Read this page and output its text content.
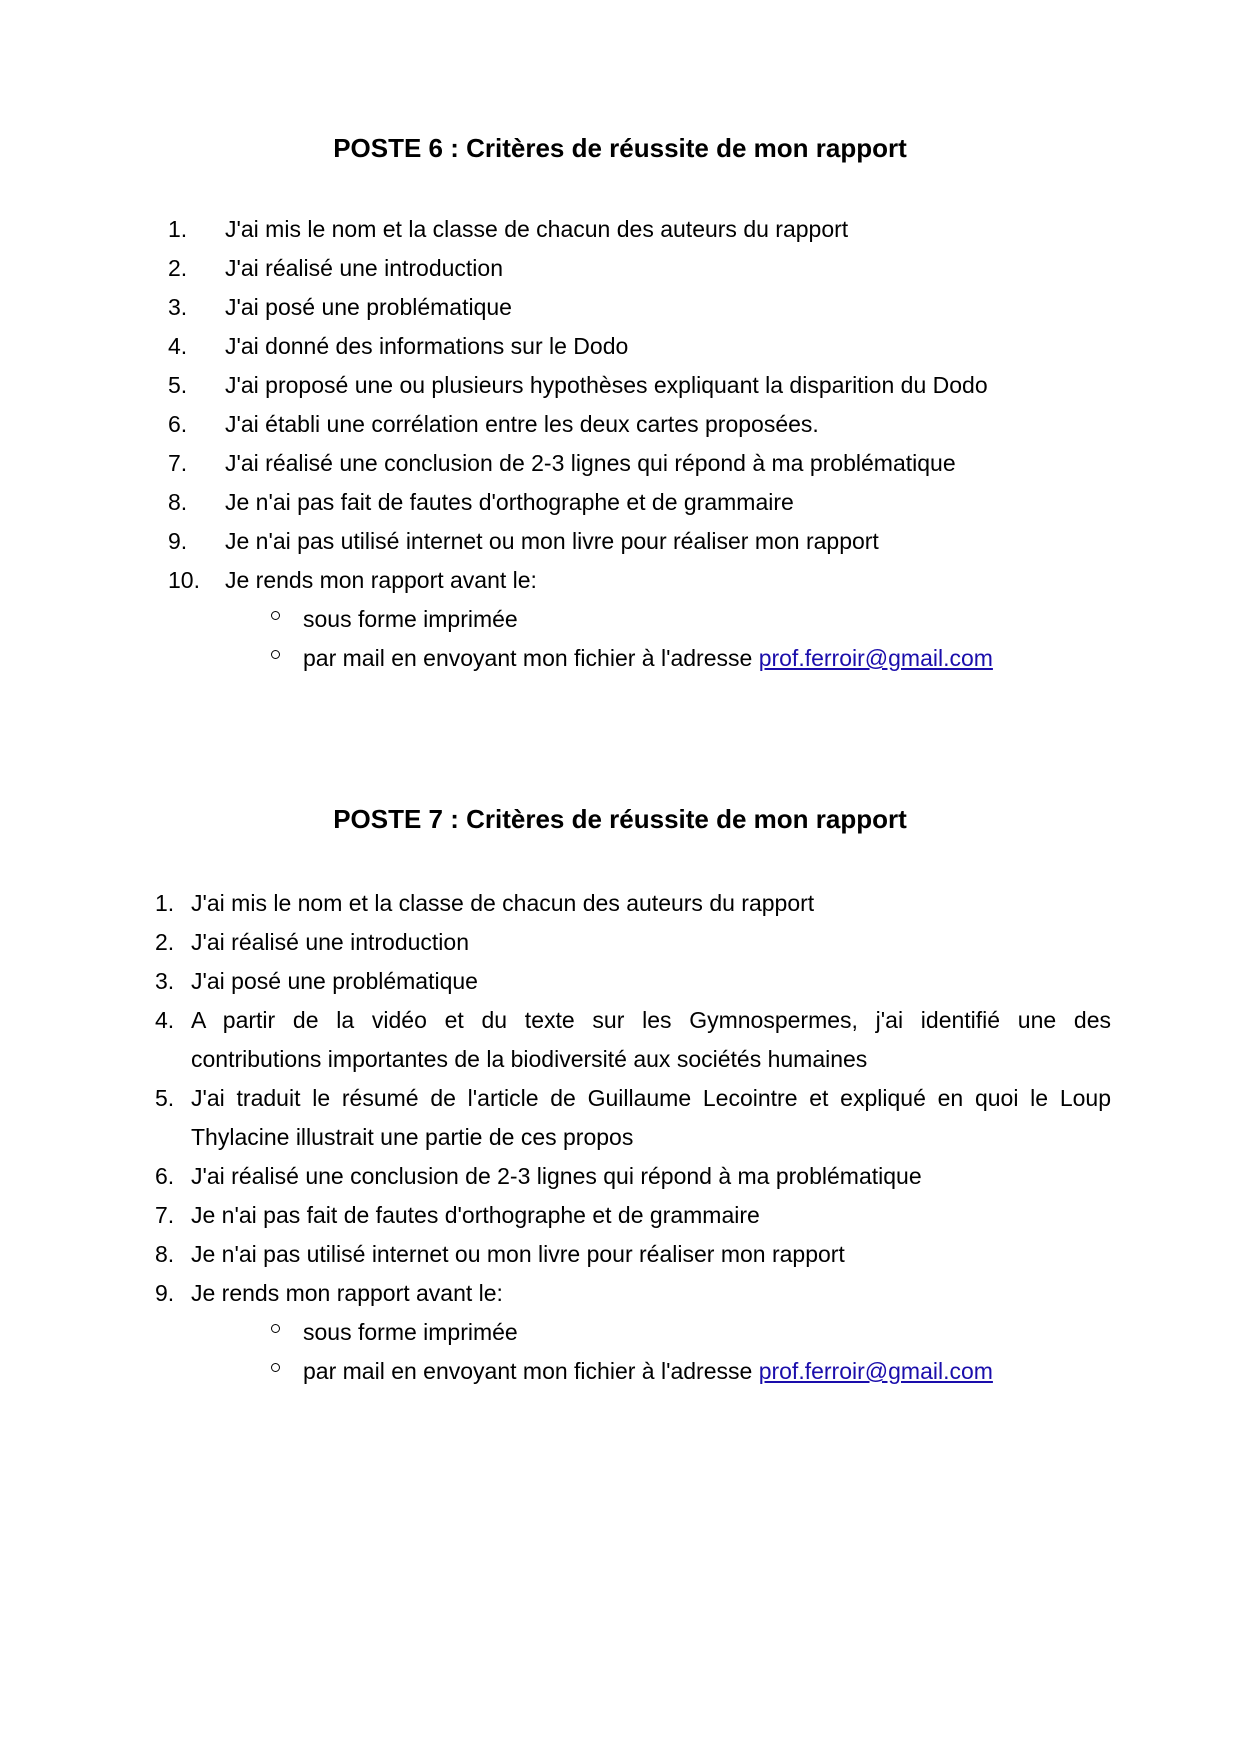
POSTE 6 : Critères de réussite de mon rapport
1. J'ai mis le nom et la classe de chacun des auteurs du rapport
2. J'ai réalisé une introduction
3. J'ai posé une problématique
4. J'ai donné des informations sur le Dodo
5. J'ai proposé une ou plusieurs hypothèses expliquant la disparition du Dodo
6. J'ai établi une corrélation entre les deux cartes proposées.
7. J'ai réalisé une conclusion de 2-3 lignes qui répond à ma problématique
8. Je n'ai pas fait de fautes d'orthographe et de grammaire
9. Je n'ai pas utilisé internet ou mon livre pour réaliser mon rapport
10. Je rends mon rapport avant le:
sous forme imprimée
par mail en envoyant mon fichier à l'adresse prof.ferroir@gmail.com
POSTE 7 : Critères de réussite de mon rapport
1. J'ai mis le nom et la classe de chacun des auteurs du rapport
2. J'ai réalisé une introduction
3. J'ai posé une problématique
4. A partir de la vidéo et du texte sur les Gymnospermes, j'ai identifié une des
contributions importantes de la biodiversité aux sociétés humaines
5. J'ai traduit le résumé de l'article de Guillaume Lecointre et expliqué en quoi le Loup
Thylacine illustrait une partie de ces propos
6. J'ai réalisé une conclusion de 2-3 lignes qui répond à ma problématique
7. Je n'ai pas fait de fautes d'orthographe et de grammaire
8. Je n'ai pas utilisé internet ou mon livre pour réaliser mon rapport
9. Je rends mon rapport avant le:
sous forme imprimée
par mail en envoyant mon fichier à l'adresse prof.ferroir@gmail.com
